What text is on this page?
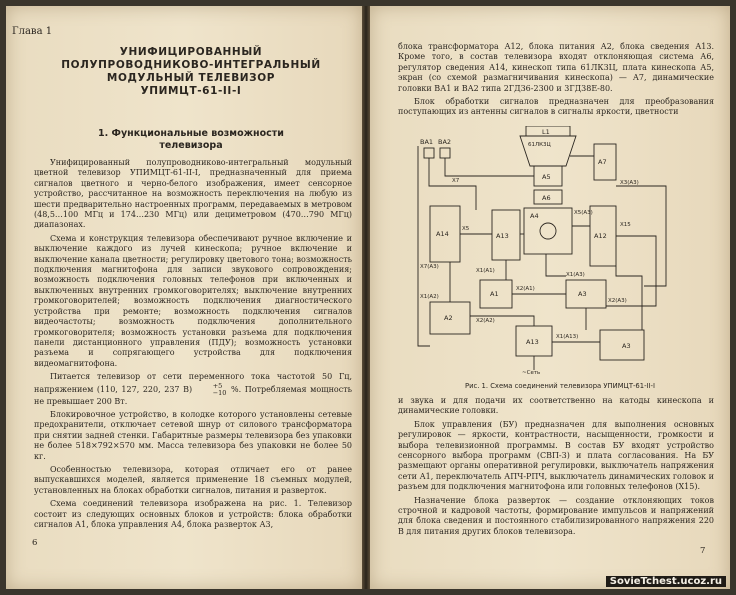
Глава 1
УНИФИЦИРОВАННЫЙ
ПОЛУПРОВОДНИКОВО-ИНТЕГРАЛЬНЫЙ
МОДУЛЬНЫЙ ТЕЛЕВИЗОР
УПИМЦТ-61-II-I
1. Функциональные возможности
телевизора

Унифицированный полупроводниково-интегральный модульный цветной телевизор УПИМЦТ-61-II-I, предназначенный для приема сигналов цветного и черно-белого изображения, имеет сенсорное устройство, рассчитанное на возможность переключения на любую из шести предварительно настроенных программ, передаваемых в метровом (48,5…100 МГц и 174…230 МГц) или дециметровом (470…790 МГц) диапазонах.

Схема и конструкция телевизора обеспечивают ручное включение и выключение каждого из лучей кинескопа; ручное включение и выключение канала цветности; регулировку цветового тона; возможность подключения магнитофона для записи звукового сопровождения; возможность подключения головных телефонов при включенных и выключенных внутренних громкоговорителях; выключение внутренних громкоговорителей; возможность подключения диагностического устройства при ремонте; возможность подключения сигналов видеочастоты; возможность подключения дополнительного громкоговорителя; возможность установки разъема для подключения панели дистанционного управления (ПДУ); возможность установки разъема и сопрягающего устройства для подключения видеомагнитофона.

Питается телевизор от сети переменного тока частотой 50 Гц, напряжением (110, 127, 220, 237 В)	+5
−10 %. Потребляемая мощность не превышает 200 Вт.

Блокировочное устройство, в колодке которого установлены сетевые предохранители, отключает сетевой шнур от силового трансформатора при снятии задней стенки. Габаритные размеры телевизора без упаковки не более 518×792×570 мм. Масса телевизора без упаковки не более 50 кг.

Особенностью телевизора, которая отличает его от ранее выпускавшихся моделей, является применение 18 съемных модулей, установленных на блоках обработки сигналов, питания и разверток.

Схема соединений телевизора изображена на рис. 1. Телевизор состоит из следующих основных блоков и устройств: блока обработки сигналов А1, блока управления А4, блока разверток А3,

6

блока трансформатора А12, блока питания А2, блока сведения А13. Кроме того, в состав телевизора входят отклоняющая система А6, регулятор сведения А14, кинескоп типа 61ЛК3Ц, плата кинескопа А5, экран (со схемой размагничивания кинескопа) — А7, динамические головки ВА1 и ВА2 типа 2ГД36-2300 и 3ГД38Е-80.

Блок обработки сигналов предназначен для преобразования поступающих из антенны сигналов в сигналы яркости, цветности

L1
61ЛК3Ц
A5
A6
A7
A12
A13
A14
A4
A1
A2
A3
ВА1 ВА2
X7
X5
X1(А1)
X2(А1)
X1(А2)
X2(А2)
X1(А3)
X2(А3)
X3(А3)
X1(А13)
X5(А3)
X7(А3)
X15
A3
A13
~Сеть
Рис. 1. Схема соединений телевизора УПИМЦТ-61-II-I

и звука и для подачи их соответственно на катоды кинескопа и динамические головки.

Блок управления (БУ) предназначен для выполнения основных регулировок — яркости, контрастности, насыщенности, громкости и выбора телевизионной программы. В состав БУ входят устройство сенсорного выбора программ (СВП-3) и плата согласования. На БУ размещают органы оперативной регулировки, выключатель напряжения сети А1, переключатель АПЧ-РПЧ, выключатель динамических головок и разъем для подключения магнитофона или головных телефонов (Х15).

Назначение блока разверток — создание отклоняющих токов строчной и кадровой частоты, формирование импульсов и напряжений для блока сведения и постоянного стабилизированного напряжения 220 В для питания других блоков телевизора.

7
SovieTchest.ucoz.ru
